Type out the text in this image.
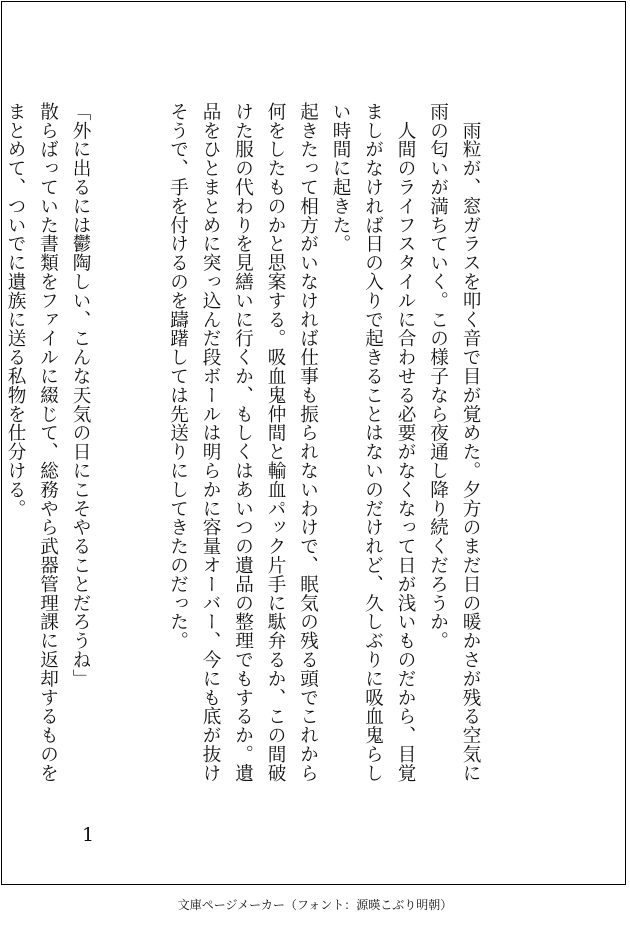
　雨粒が、窓ガラスを叩く音で目が覚めた。夕方のまだ日の暖かさが残る空気に
雨の匂いが満ちていく。この様子なら夜通し降り続くだろうか。
　人間のライフスタイルに合わせる必要がなくなって日が浅いものだから、目覚
ましがなければ日の入りで起きることはないのだけれど、久しぶりに吸血鬼らし
い時間に起きた。
起きたって相方がいなければ仕事も振られないわけで、眠気の残る頭でこれから
何をしたものかと思案する。吸血鬼仲間と輸血パック片手に駄弁るか、この間破
けた服の代わりを見繕いに行くか、もしくはあいつの遺品の整理でもするか。遺
品をひとまとめに突っ込んだ段ボールは明らかに容量オーバー、今にも底が抜け
そうで、手を付けるのを躊躇しては先送りにしてきたのだった。
「外に出るには鬱陶しい、こんな天気の日にこそやることだろうね」
散らばっていた書類をファイルに綴じて、総務やら武器管理課に返却するものを
まとめて、ついでに遺族に送る私物を仕分ける。
1
文庫ページメーカー（フォント：源暎こぶり明朝）
